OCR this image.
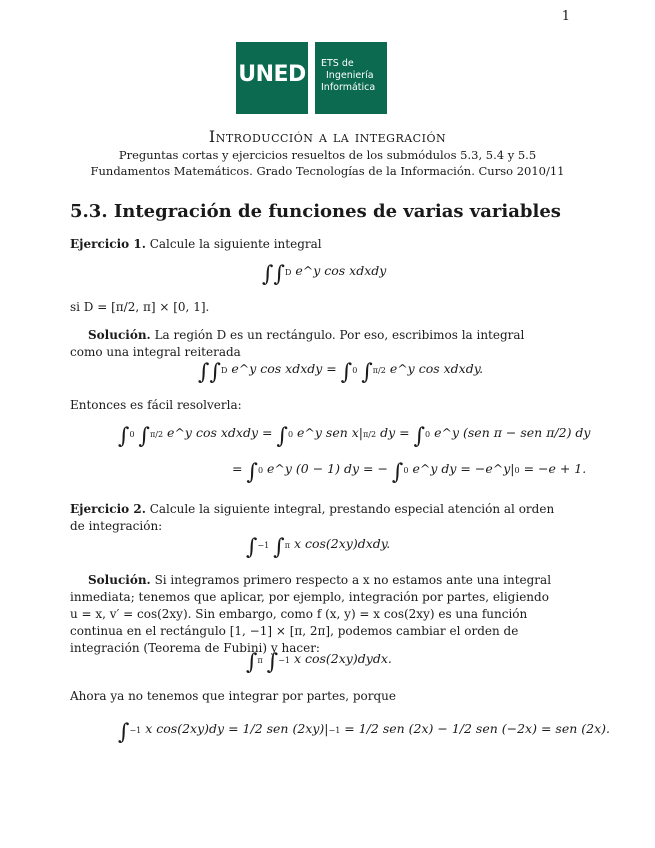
1
UNED ETS de
Ingeniería
Informática
Introducción a la integración
Preguntas cortas y ejercicios resueltos de los submódulos 5.3, 5.4 y 5.5
Fundamentos Matemáticos. Grado Tecnologías de la Información. Curso 2010/11
5.3. Integración de funciones de varias variables
Ejercicio 1. Calcule la siguiente integral
∫∫D e^y cos xdxdy
si D = [π/2, π] × [0, 1].
Solución. La región D es un rectángulo. Por eso, escribimos la integral como una integral reiterada
∫∫D e^y cos xdxdy = ∫0 ∫π/2 e^y cos xdxdy.
Entonces es fácil resolverla:
∫0 ∫π/2 e^y cos xdxdy = ∫0 e^y sen x|π/2 dy = ∫0 e^y (sen π − sen π/2) dy
= ∫0 e^y (0 − 1) dy = − ∫0 e^y dy = −e^y|0 = −e + 1.
Ejercicio 2. Calcule la siguiente integral, prestando especial atención al orden de integración:
∫−1 ∫π x cos(2xy)dxdy.
Solución. Si integramos primero respecto a x no estamos ante una integral inmediata; tenemos que aplicar, por ejemplo, integración por partes, eligiendo u = x, v′ = cos(2xy). Sin embargo, como f (x, y) = x cos(2xy) es una función continua en el rectángulo [1, −1] × [π, 2π], podemos cambiar el orden de integración (Teorema de Fubini) y hacer:
∫π ∫−1 x cos(2xy)dydx.
Ahora ya no tenemos que integrar por partes, porque
∫−1 x cos(2xy)dy = 1/2 sen (2xy)|−1 = 1/2 sen (2x) − 1/2 sen (−2x) = sen (2x).
